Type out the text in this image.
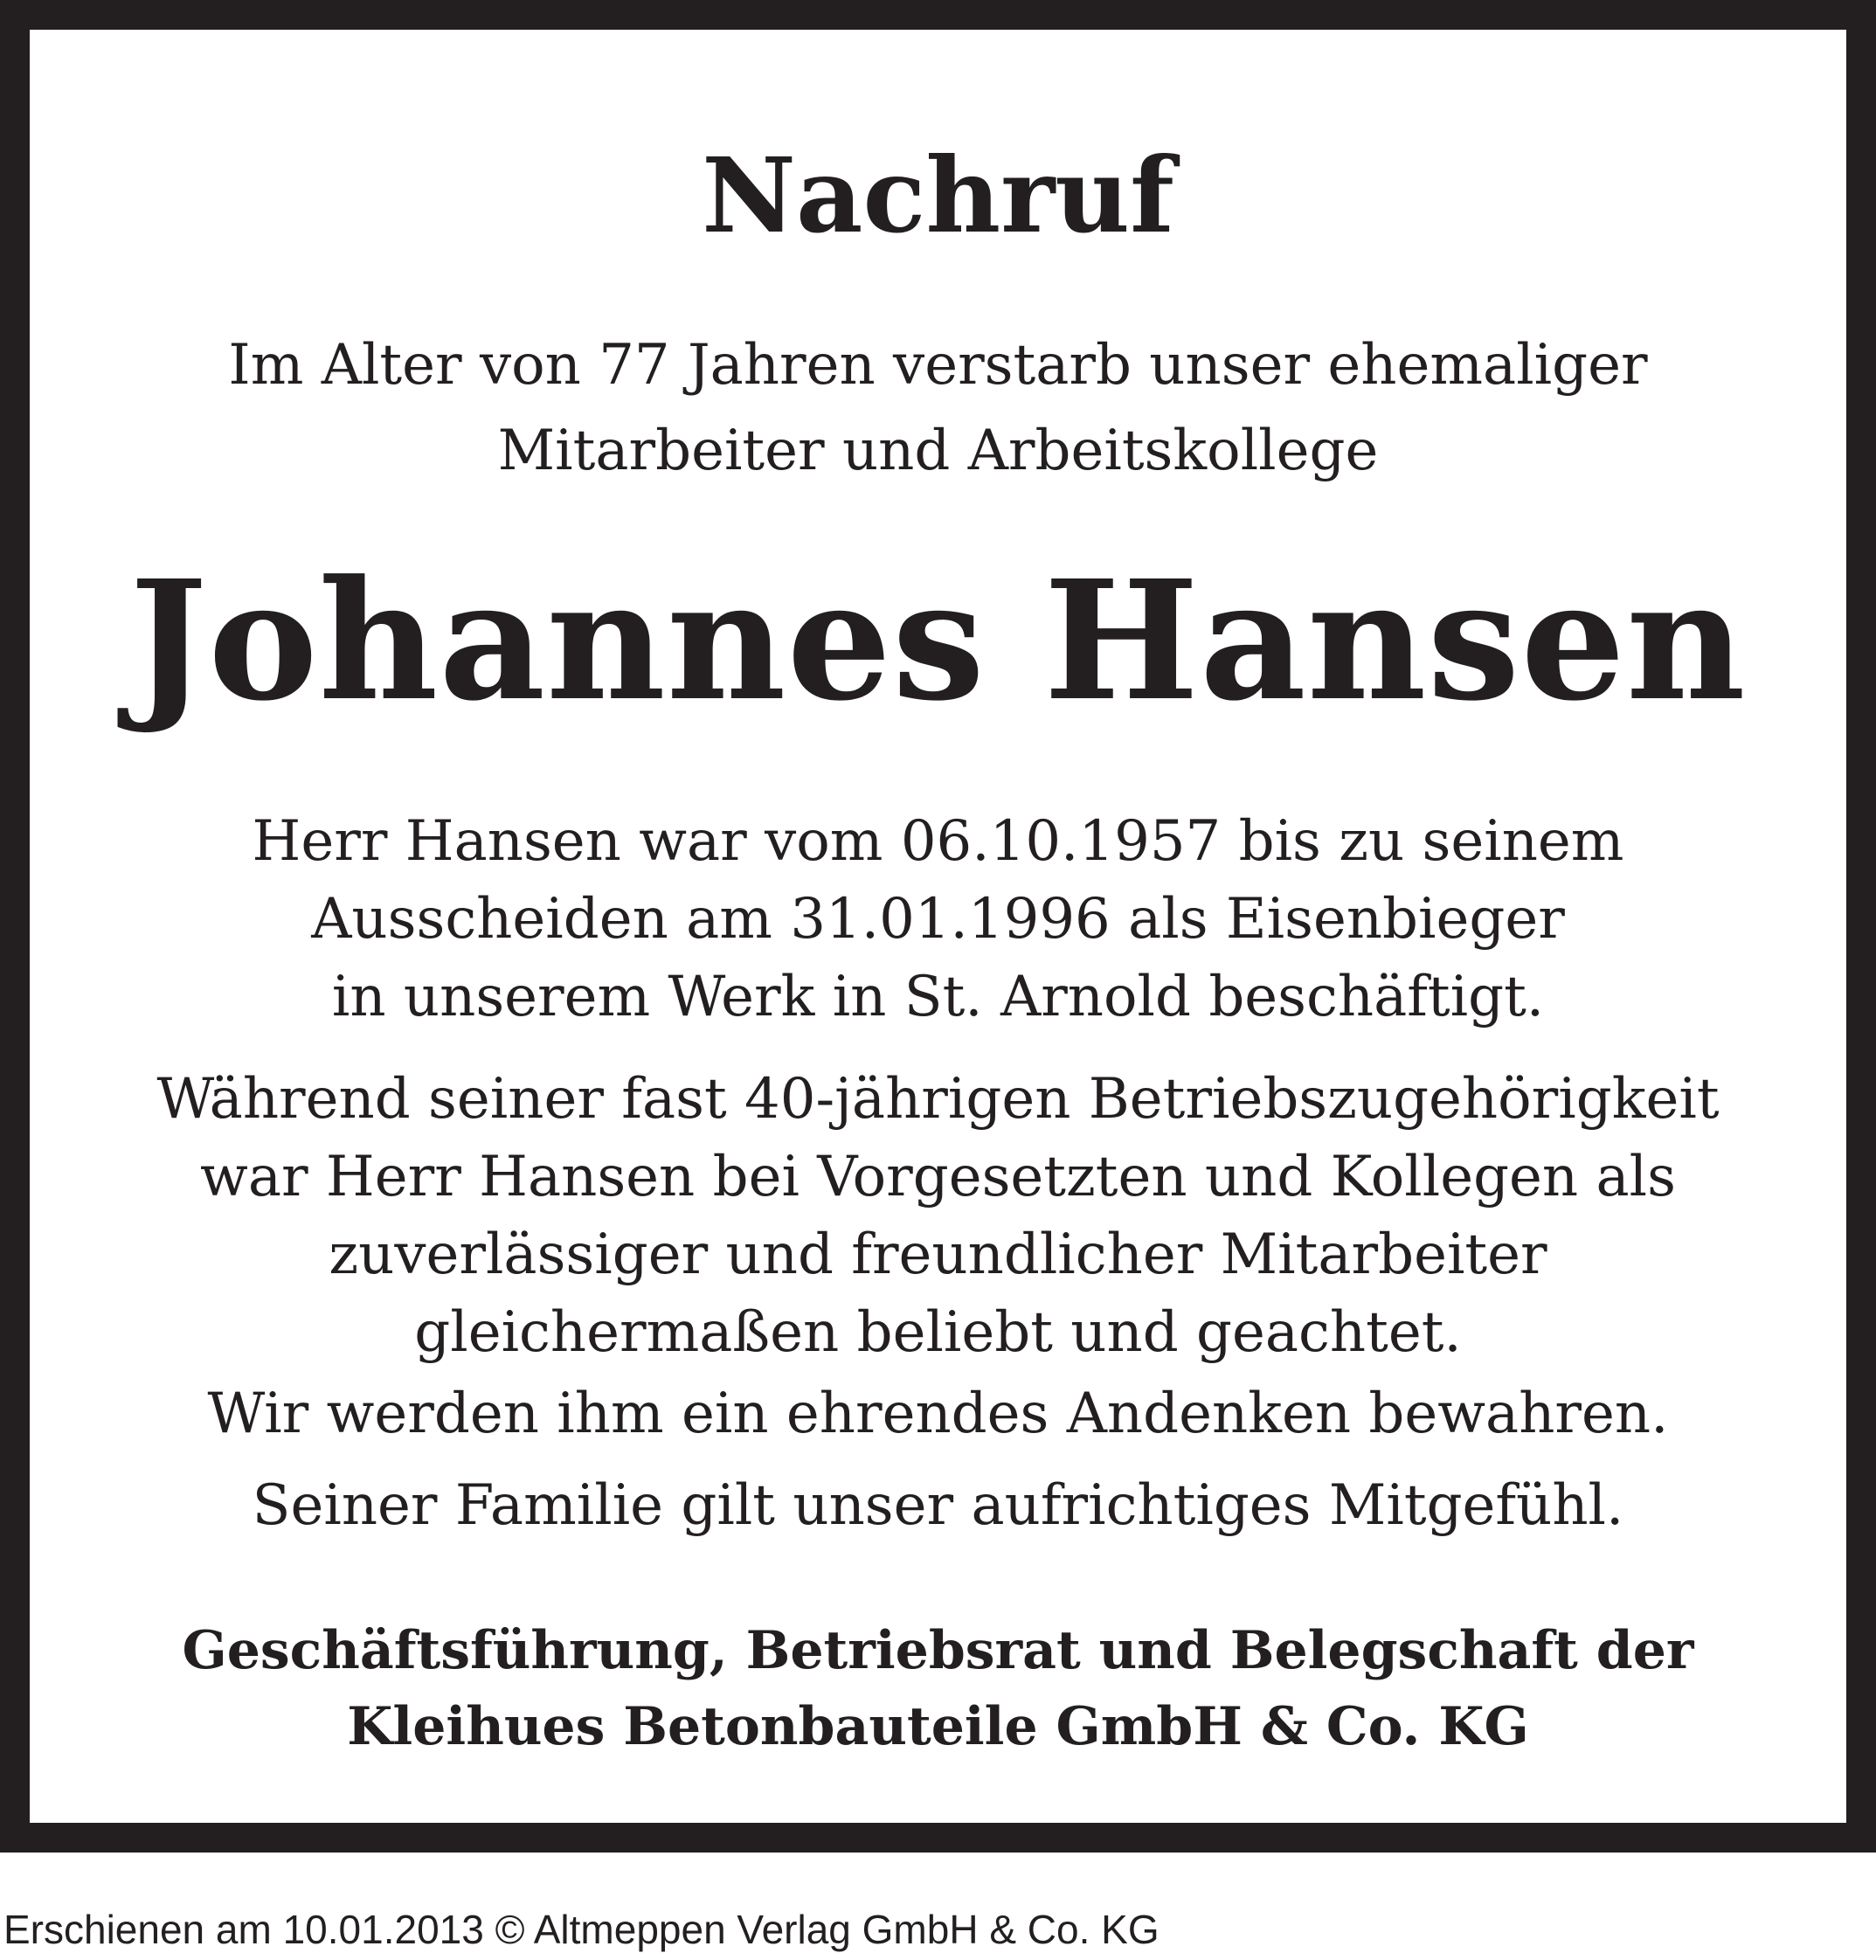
Nachruf
Im Alter von 77 Jahren verstarb unser ehemaliger
Mitarbeiter und Arbeitskollege
Johannes Hansen
Herr Hansen war vom 06.10.1957 bis zu seinem
Ausscheiden am 31.01.1996 als Eisenbieger
in unserem Werk in St. Arnold beschäftigt.
Während seiner fast 40-jährigen Betriebszugehörigkeit
war Herr Hansen bei Vorgesetzten und Kollegen als
zuverlässiger und freundlicher Mitarbeiter
gleichermaßen beliebt und geachtet.
Wir werden ihm ein ehrendes Andenken bewahren.
Seiner Familie gilt unser aufrichtiges Mitgefühl.
Geschäftsführung, Betriebsrat und Belegschaft der
Kleihues Betonbauteile GmbH & Co. KG
Erschienen am 10.01.2013 © Altmeppen Verlag GmbH & Co. KG
